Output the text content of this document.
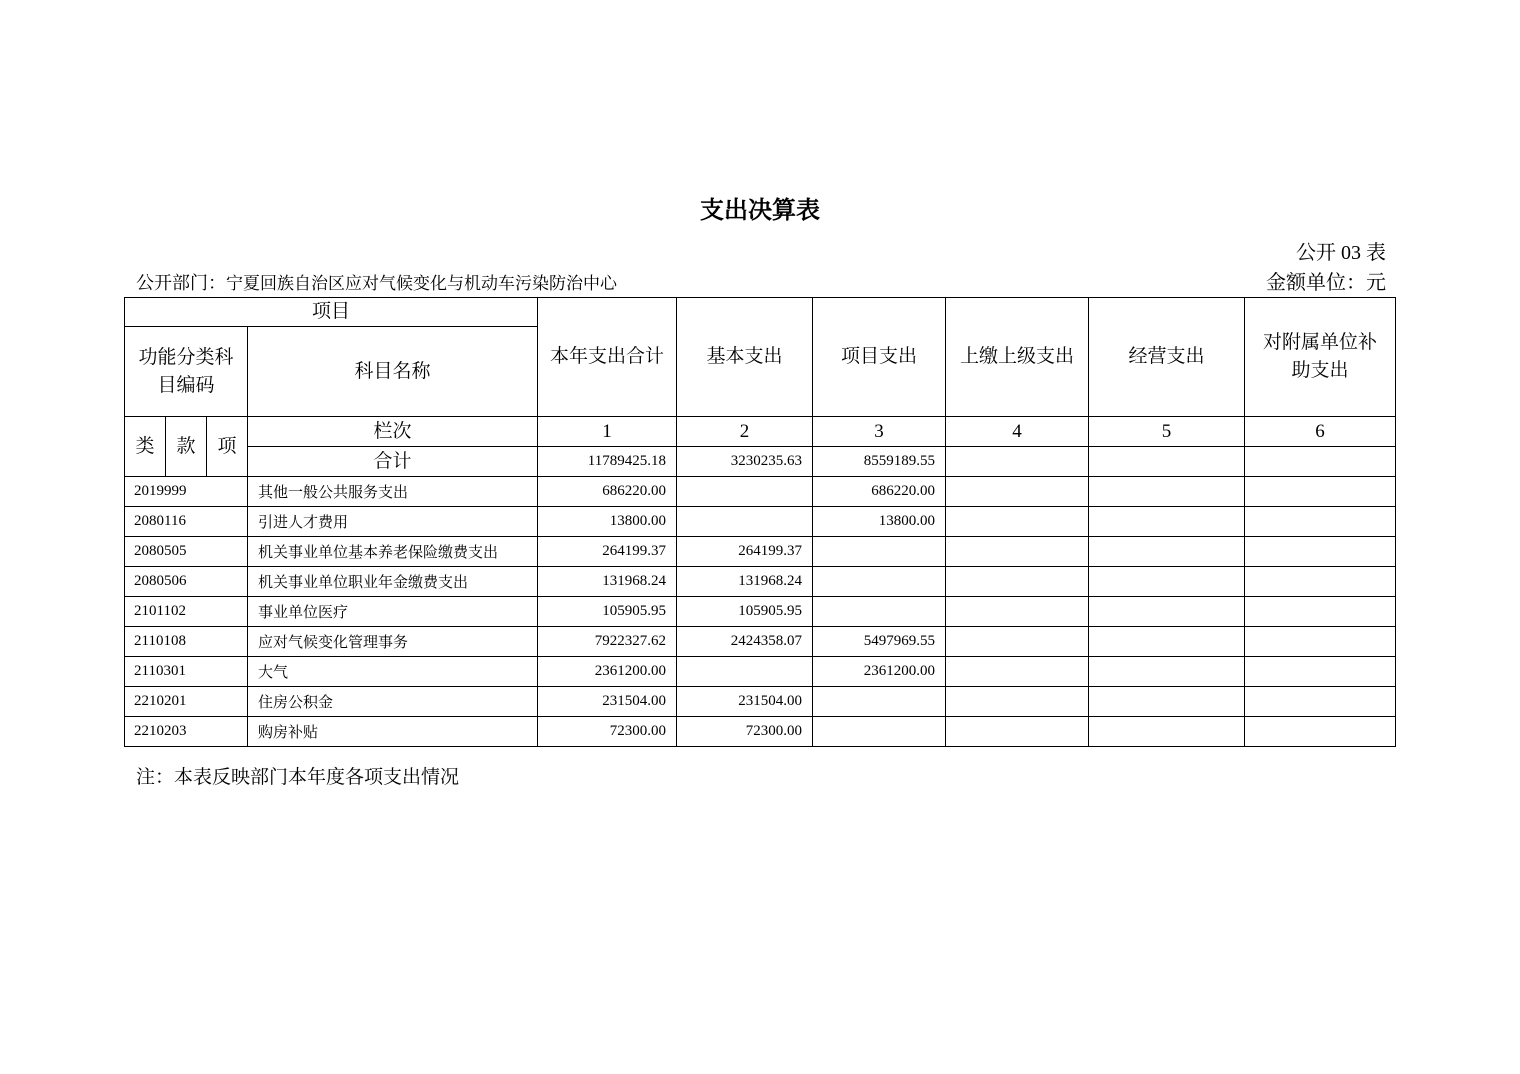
支出决算表
公开 03 表
公开部门：宁夏回族自治区应对气候变化与机动车污染防治中心	金额单位：元
项目				本年支出合计	基本支出	项目支出	上缴上级支出	经营支出	对附属单位补助支出
功能分类科目编码			科目名称						
类	款	项	栏次	1	2	3	4	5	6
			合计	11789425.18	3230235.63	8559189.55			
2019999			其他一般公共服务支出	686220.00		686220.00			
2080116			引进人才费用	13800.00		13800.00			
2080505			机关事业单位基本养老保险缴费支出	264199.37	264199.37				
2080506			机关事业单位职业年金缴费支出	131968.24	131968.24				
2101102			事业单位医疗	105905.95	105905.95				
2110108			应对气候变化管理事务	7922327.62	2424358.07	5497969.55			
2110301			大气	2361200.00		2361200.00			
2210201			住房公积金	231504.00	231504.00				
2210203			购房补贴	72300.00	72300.00				
注：本表反映部门本年度各项支出情况
